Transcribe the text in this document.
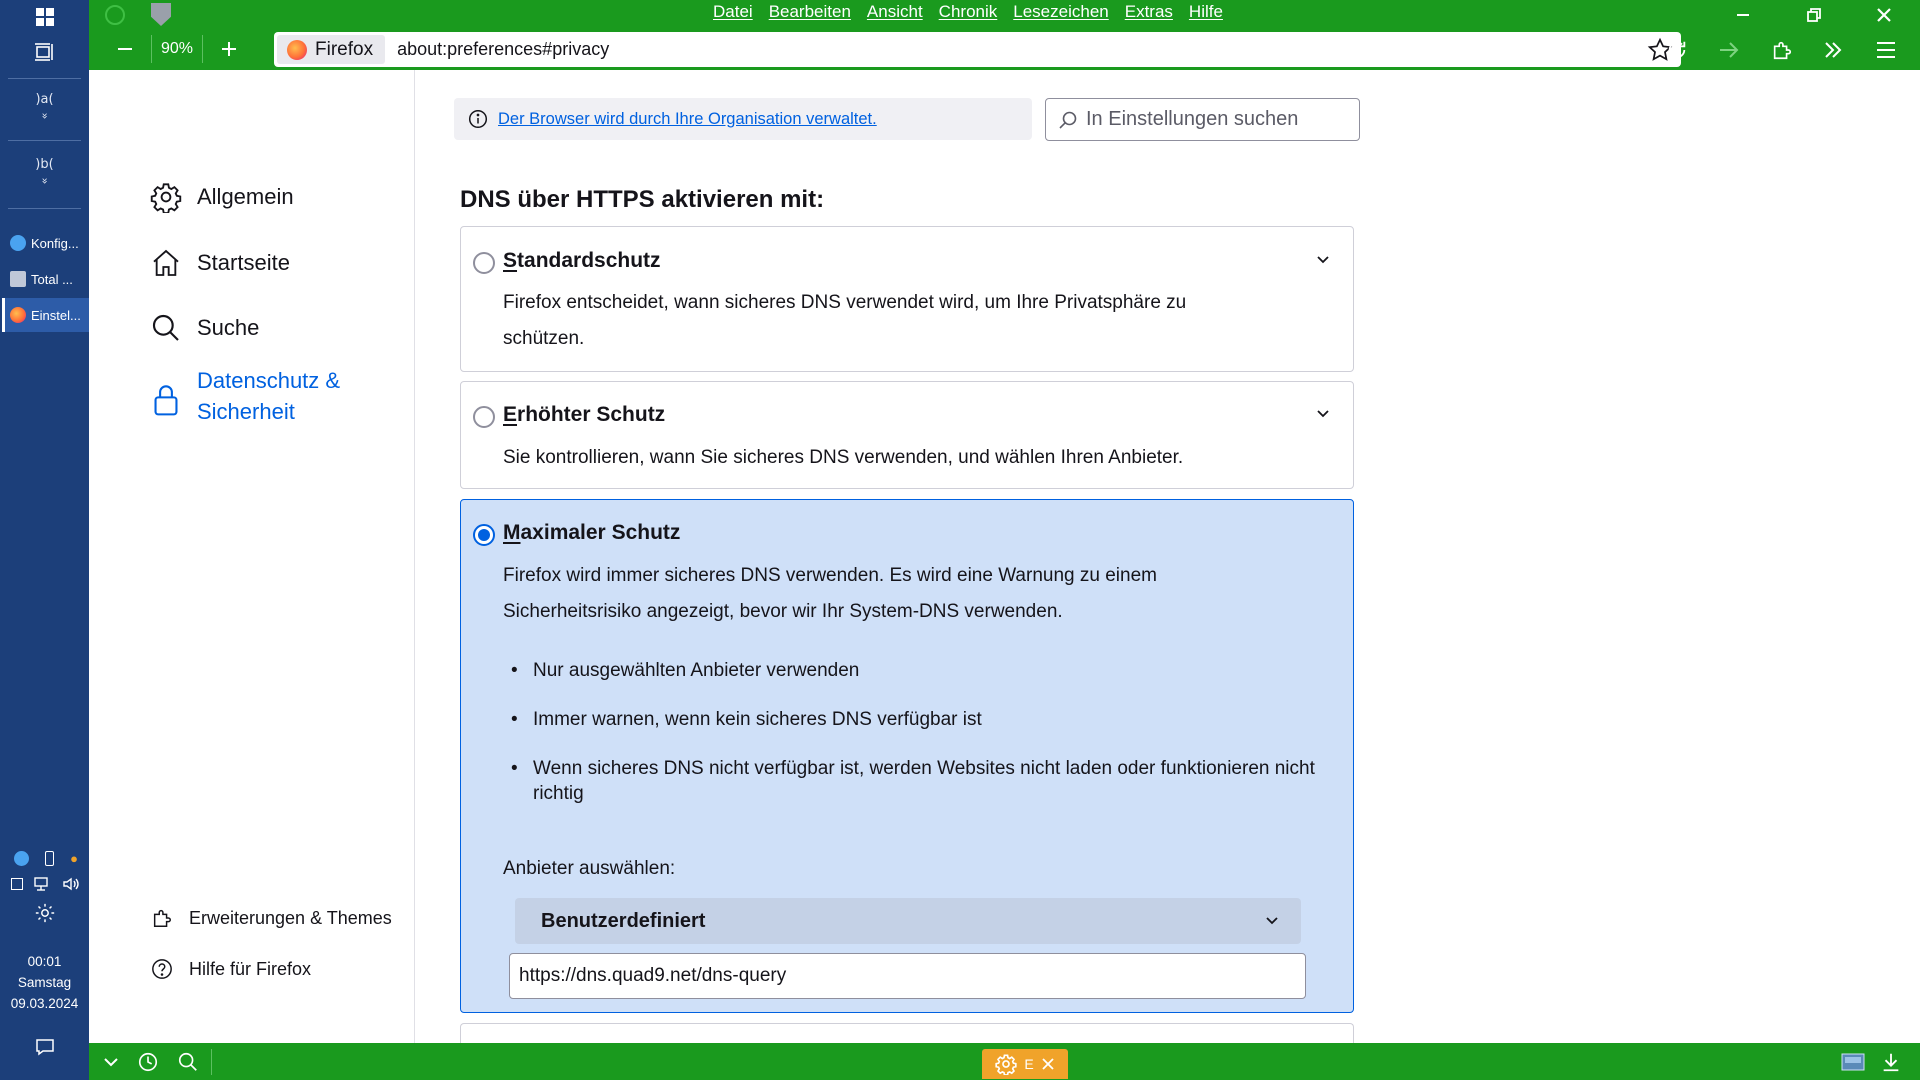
)a(
»
)b(
»
Konfig...
Total ...
Einstel...
●
00:01
Samstag
09.03.2024
Datei Bearbeiten Ansicht Chronik Lesezeichen Extras Hilfe
90%	Firefox about:preferences#privacy
Allgemein
Startseite
Suche
Datenschutz &
Sicherheit
Erweiterungen & Themes
Hilfe für Firefox
Der Browser wird durch Ihre Organisation verwaltet.	In Einstellungen suchen
DNS über HTTPS aktivieren mit:
Standardschutz
Firefox entscheidet, wann sicheres DNS verwendet wird, um Ihre Privatsphäre zu
schützen.
Erhöhter Schutz
Sie kontrollieren, wann Sie sicheres DNS verwenden, und wählen Ihren Anbieter.
Maximaler Schutz
Firefox wird immer sicheres DNS verwenden. Es wird eine Warnung zu einem
Sicherheitsrisiko angezeigt, bevor wir Ihr System-DNS verwenden.
• Nur ausgewählten Anbieter verwenden
• Immer warnen, wenn kein sicheres DNS verfügbar ist
• Wenn sicheres DNS nicht verfügbar ist, werden Websites nicht laden oder funktionieren nicht richtig
Anbieter auswählen:
Benutzerdefiniert
https://dns.quad9.net/dns-query
E
